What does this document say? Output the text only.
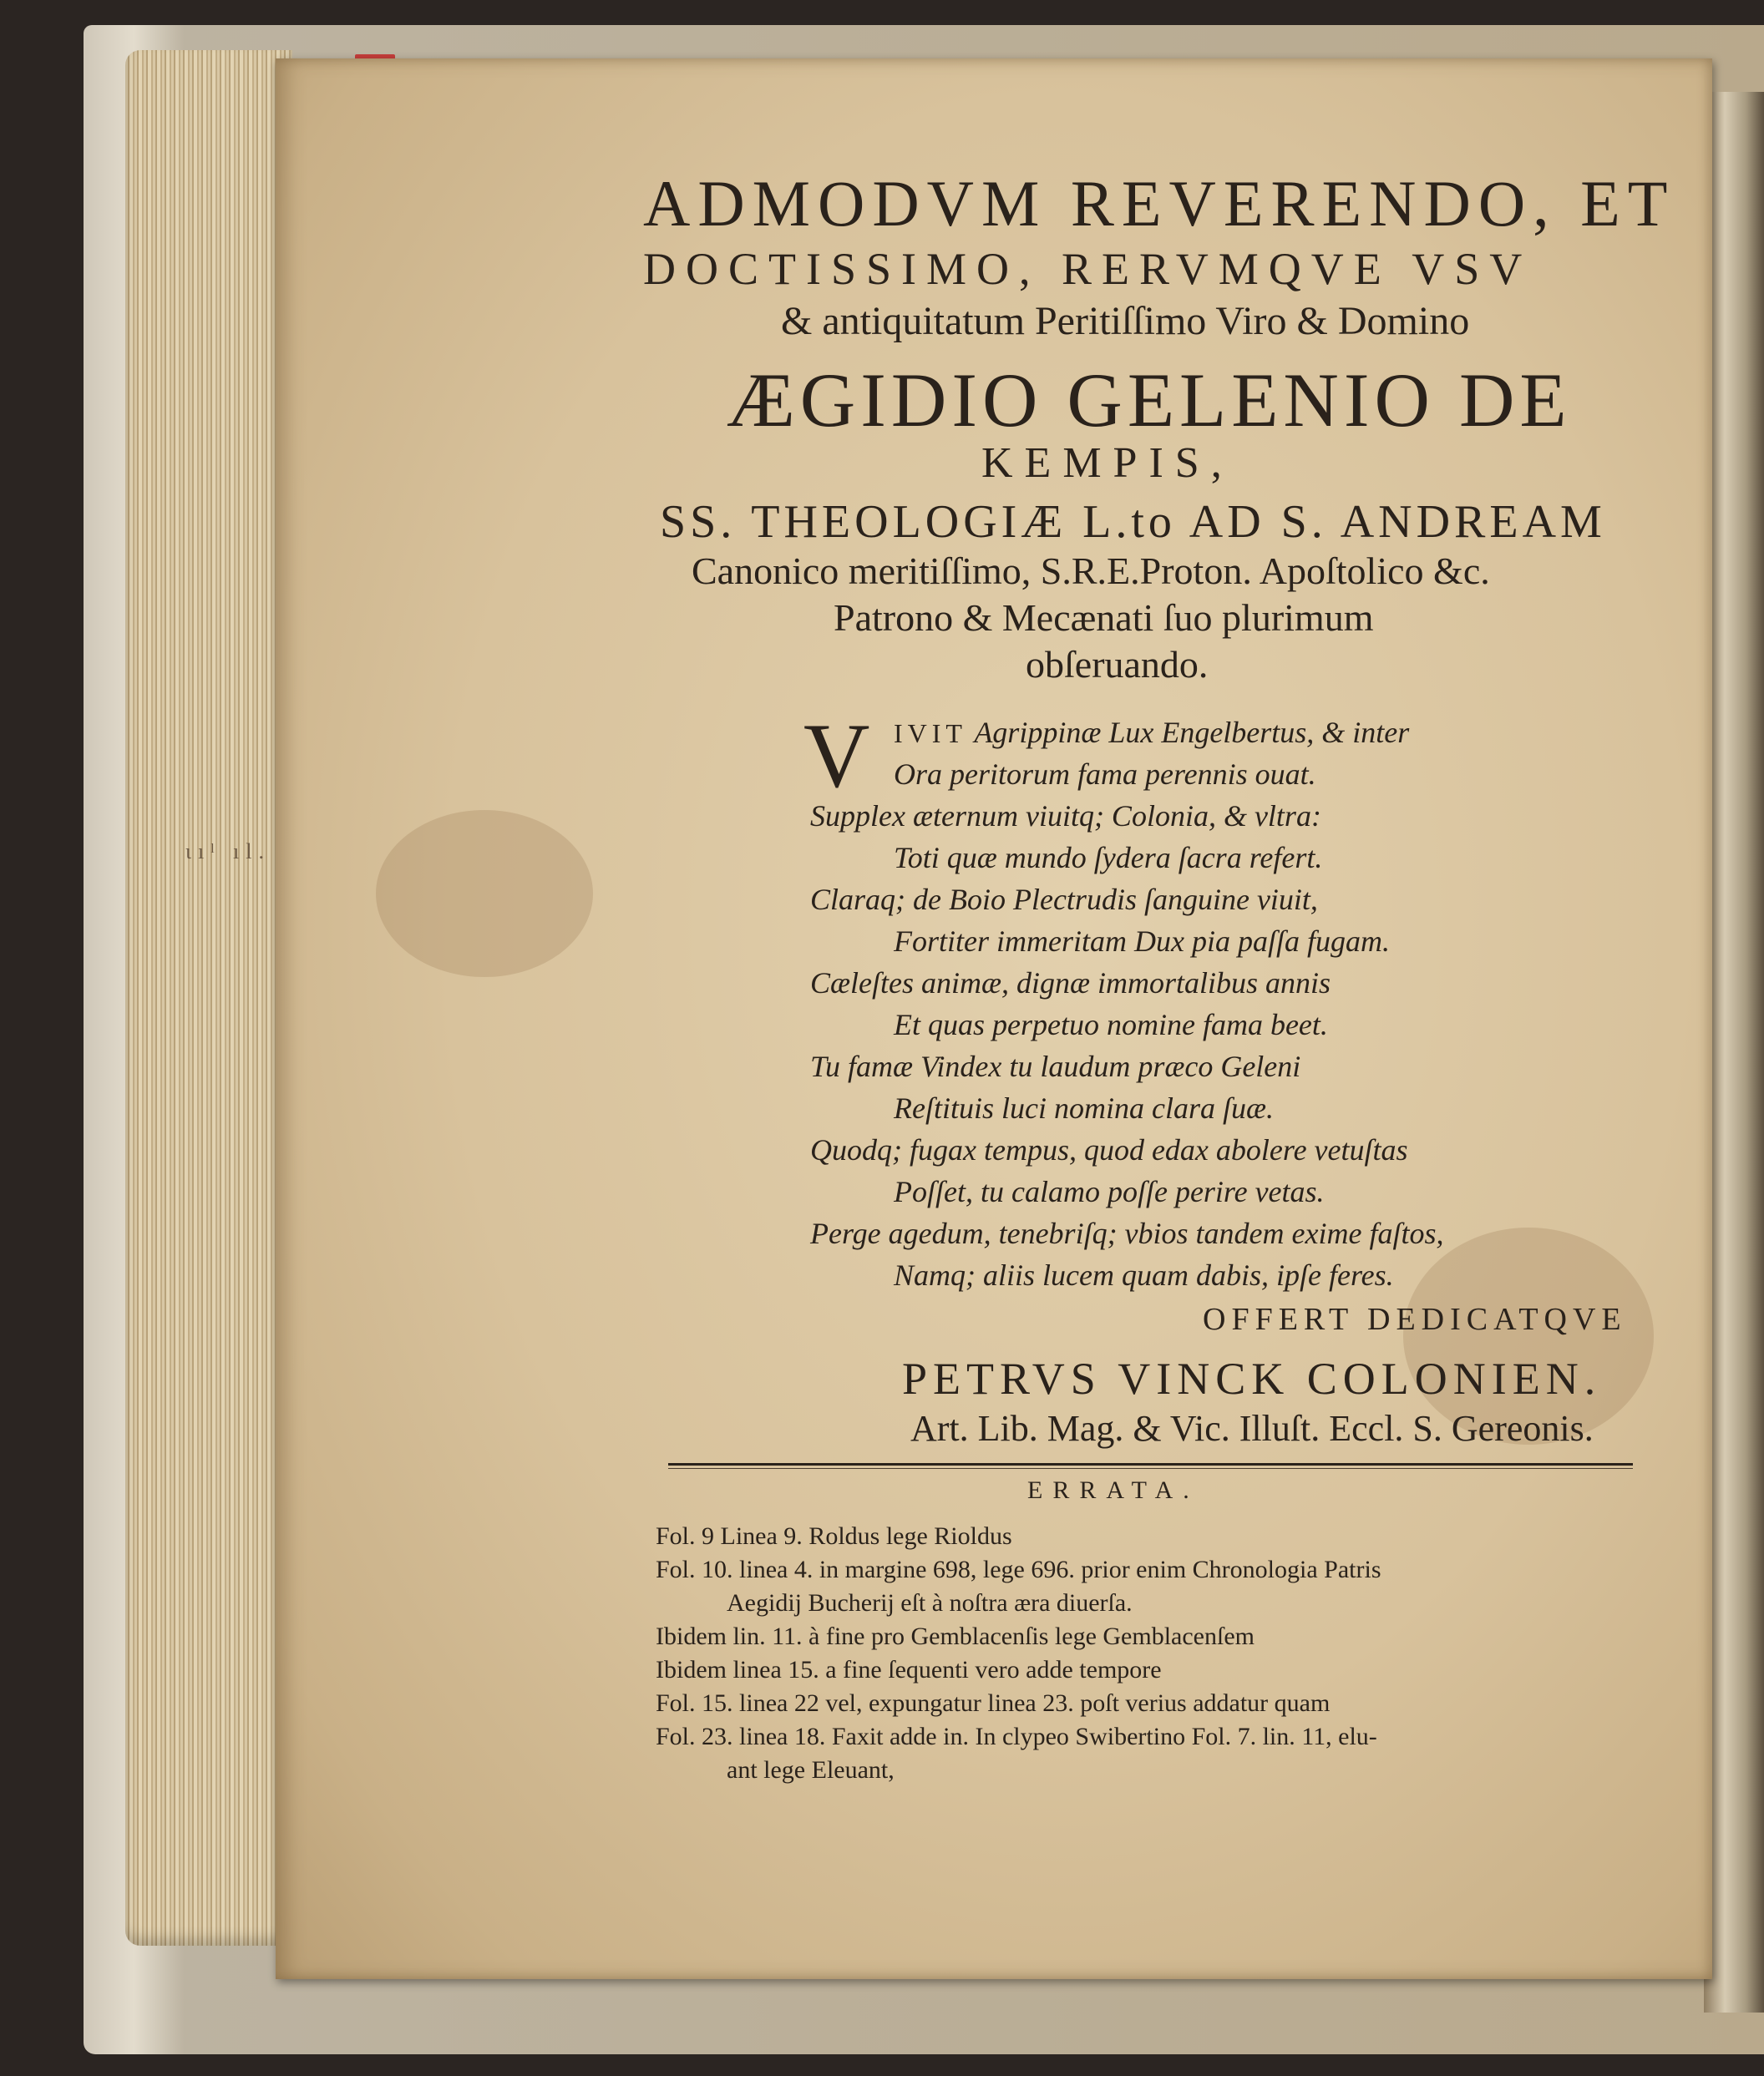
ɩıˡ ıl.

ADMODVM REVERENDO, ET

DOCTISSIMO, RERVMQVE VSV

& antiquitatum Peritiſſimo Viro & Domino

ÆGIDIO GELENIO DE

KEMPIS,

SS. THEOLOGIÆ L.to AD S. ANDREAM

Canonico meritiſſimo, S.R.E.Proton. Apoſtolico &c.

Patrono & Mecænati ſuo plurimum

obſeruando.

V IVIT Agrippinæ Lux Engelbertus, & inter
Ora peritorum fama perennis ouat.
Supplex æternum viuitq; Colonia, & vltra:
Toti quæ mundo ſydera ſacra refert.
Claraq; de Boio Plectrudis ſanguine viuit,
Fortiter immeritam Dux pia paſſa fugam.
Cæleſtes animæ, dignæ immortalibus annis
Et quas perpetuo nomine fama beet.
Tu famæ Vindex tu laudum præco Geleni
Reſtituis luci nomina clara ſuæ.
Quodq; fugax tempus, quod edax abolere vetuſtas
Poſſet, tu calamo poſſe perire vetas.
Perge agedum, tenebriſq; vbios tandem exime faſtos,
Namq; aliis lucem quam dabis, ipſe feres.
OFFERT DEDICATQVE
PETRVS VINCK COLONIEN.
Art. Lib. Mag. & Vic. Illuſt. Eccl. S. Gereonis.
ERRATA.
Fol. 9 Linea 9. Roldus lege Rioldus
Fol. 10. linea 4. in margine 698, lege 696. prior enim Chronologia Patris
Aegidij Bucherij eſt à noſtra æra diuerſa.
Ibidem lin. 11. à fine pro Gemblacenſis lege Gemblacenſem
Ibidem linea 15. a fine ſequenti vero adde tempore
Fol. 15. linea 22 vel, expungatur linea 23. poſt verius addatur quam
Fol. 23. linea 18. Faxit adde in. In clypeo Swibertino Fol. 7. lin. 11, elu-
ant lege Eleuant,
